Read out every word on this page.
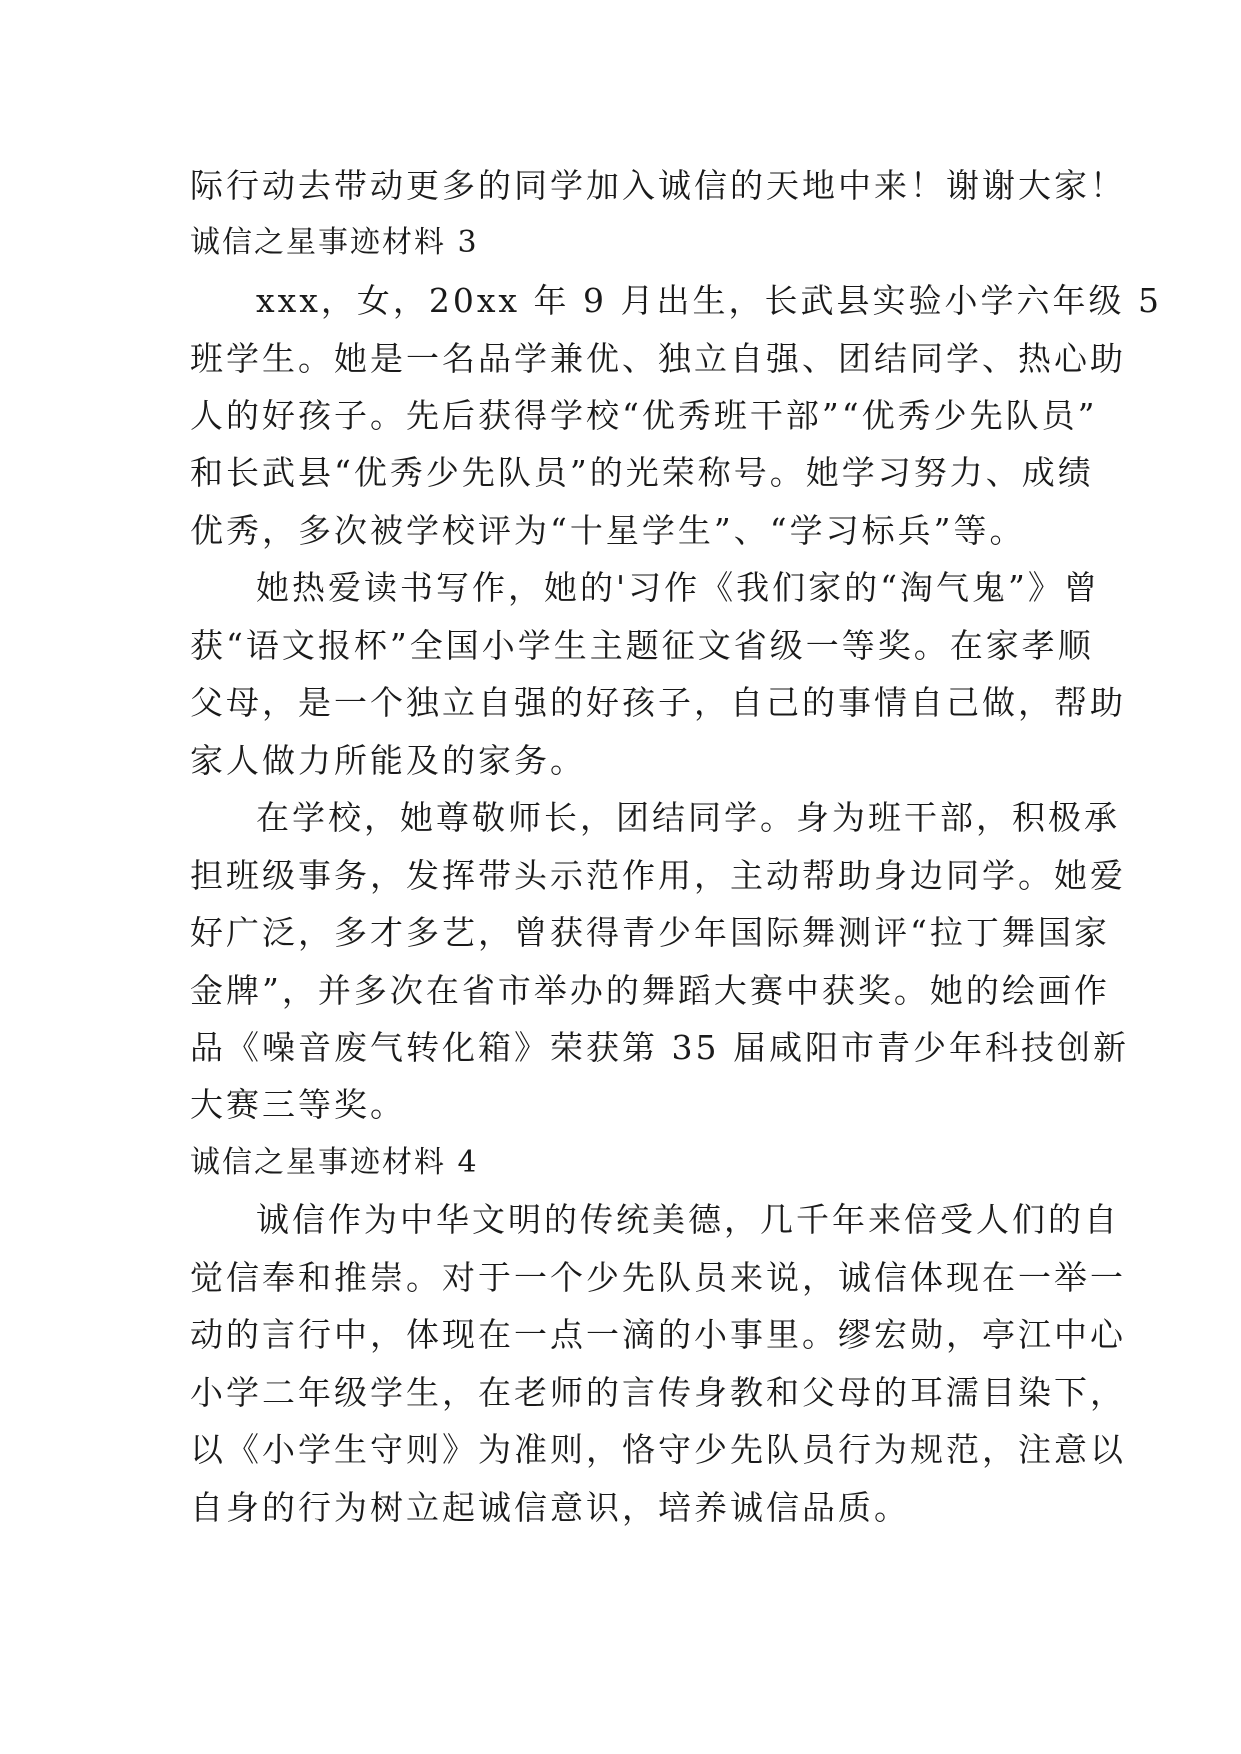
际行动去带动更多的同学加入诚信的天地中来！谢谢大家！
诚信之星事迹材料 3
xxx，女，20xx 年 9 月出生，长武县实验小学六年级 5
班学生。她是一名品学兼优、独立自强、团结同学、热心助
人的好孩子。先后获得学校“优秀班干部”“优秀少先队员”
和长武县“优秀少先队员”的光荣称号。她学习努力、成绩
优秀，多次被学校评为“十星学生”、“学习标兵”等。
她热爱读书写作，她的'习作《我们家的“淘气鬼”》曾
获“语文报杯”全国小学生主题征文省级一等奖。在家孝顺
父母，是一个独立自强的好孩子，自己的事情自己做，帮助
家人做力所能及的家务。
在学校，她尊敬师长，团结同学。身为班干部，积极承
担班级事务，发挥带头示范作用，主动帮助身边同学。她爱
好广泛，多才多艺，曾获得青少年国际舞测评“拉丁舞国家
金牌”，并多次在省市举办的舞蹈大赛中获奖。她的绘画作
品《噪音废气转化箱》荣获第 35 届咸阳市青少年科技创新
大赛三等奖。
诚信之星事迹材料 4
诚信作为中华文明的传统美德，几千年来倍受人们的自
觉信奉和推崇。对于一个少先队员来说，诚信体现在一举一
动的言行中，体现在一点一滴的小事里。缪宏勋，亭江中心
小学二年级学生，在老师的言传身教和父母的耳濡目染下，
以《小学生守则》为准则，恪守少先队员行为规范，注意以
自身的行为树立起诚信意识，培养诚信品质。
